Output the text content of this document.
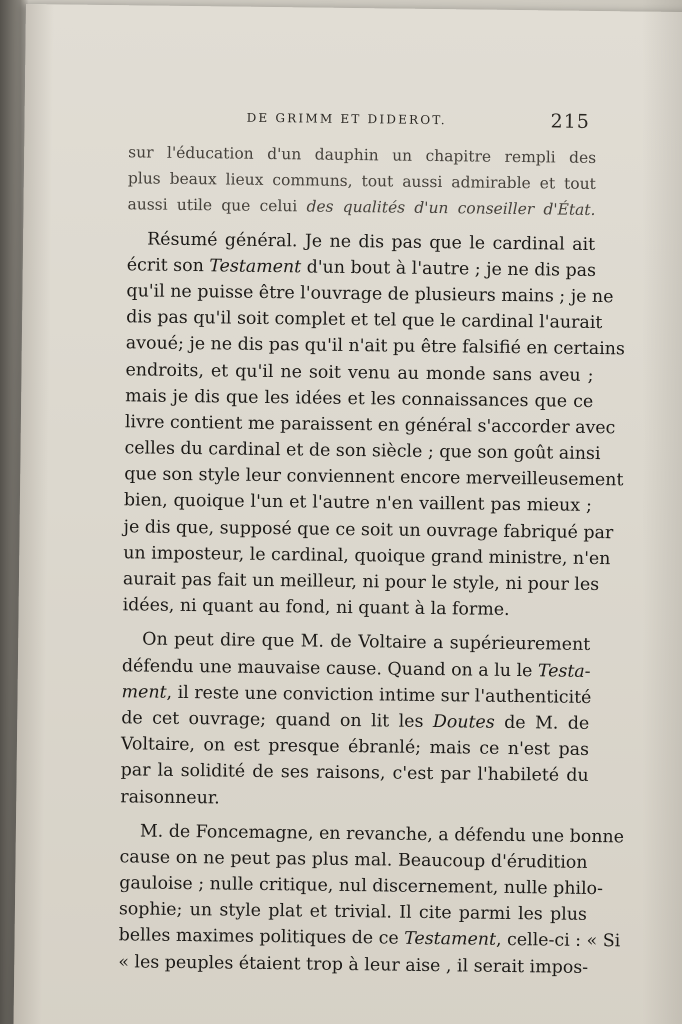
DE GRIMM ET DIDEROT.	215
sur l'éducation d'un dauphin un chapitre rempli des
plus beaux lieux communs, tout aussi admirable et tout
aussi utile que celui des qualités d'un conseiller d'État.
Résumé général. Je ne dis pas que le cardinal ait
écrit son Testament d'un bout à l'autre ; je ne dis pas
qu'il ne puisse être l'ouvrage de plusieurs mains ; je ne
dis pas qu'il soit complet et tel que le cardinal l'aurait
avoué; je ne dis pas qu'il n'ait pu être falsifié en certains
endroits, et qu'il ne soit venu au monde sans aveu ;
mais je dis que les idées et les connaissances que ce
livre contient me paraissent en général s'accorder avec
celles du cardinal et de son siècle ; que son goût ainsi
que son style leur conviennent encore merveilleusement
bien, quoique l'un et l'autre n'en vaillent pas mieux ;
je dis que, supposé que ce soit un ouvrage fabriqué par
un imposteur, le cardinal, quoique grand ministre, n'en
aurait pas fait un meilleur, ni pour le style, ni pour les
idées, ni quant au fond, ni quant à la forme.
On peut dire que M. de Voltaire a supérieurement
défendu une mauvaise cause. Quand on a lu le Testa-
ment, il reste une conviction intime sur l'authenticité
de cet ouvrage; quand on lit les Doutes de M. de
Voltaire, on est presque ébranlé; mais ce n'est pas
par la solidité de ses raisons, c'est par l'habileté du
raisonneur.
M. de Foncemagne, en revanche, a défendu une bonne
cause on ne peut pas plus mal. Beaucoup d'érudition
gauloise ; nulle critique, nul discernement, nulle philo-
sophie; un style plat et trivial. Il cite parmi les plus
belles maximes politiques de ce Testament, celle-ci : « Si
« les peuples étaient trop à leur aise , il serait impos-
